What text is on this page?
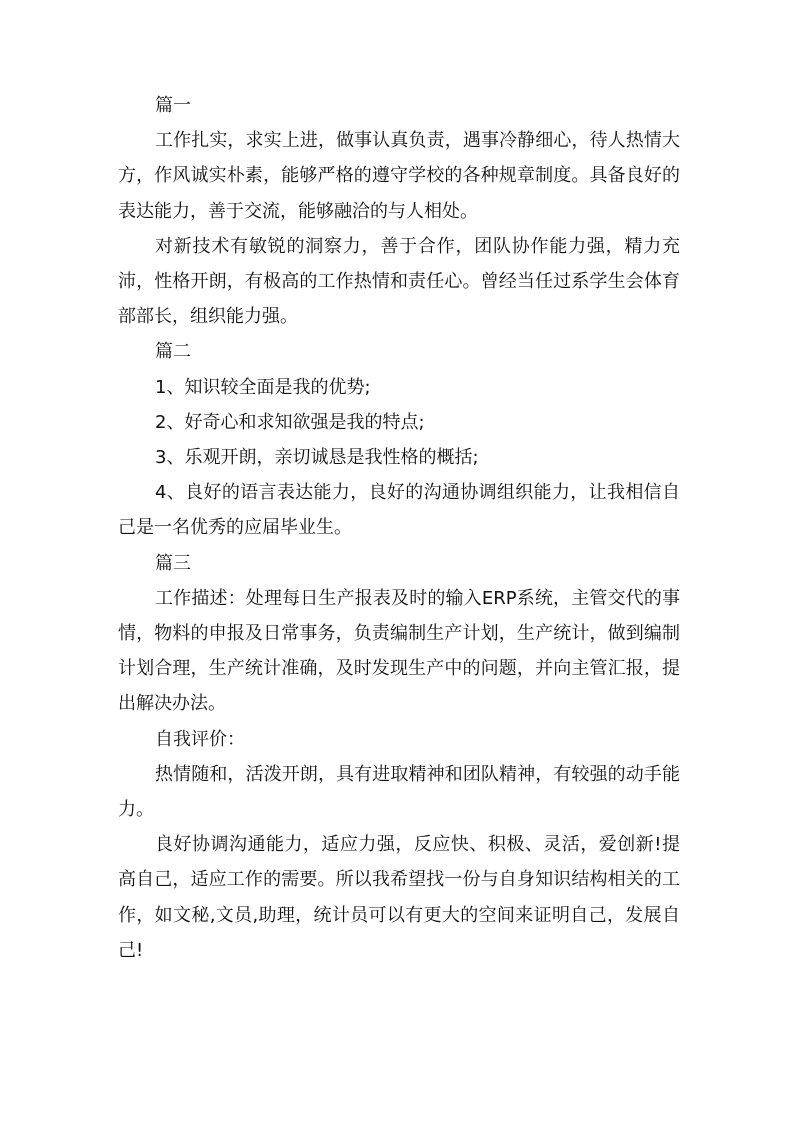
篇一

工作扎实，求实上进，做事认真负责，遇事冷静细心，待人热情大方，作风诚实朴素，能够严格的遵守学校的各种规章制度。具备良好的表达能力，善于交流，能够融洽的与人相处。

对新技术有敏锐的洞察力，善于合作，团队协作能力强，精力充沛，性格开朗，有极高的工作热情和责任心。曾经当任过系学生会体育部部长，组织能力强。

篇二

1、知识较全面是我的优势;

2、好奇心和求知欲强是我的特点;

3、乐观开朗，亲切诚恳是我性格的概括;

4、良好的语言表达能力，良好的沟通协调组织能力，让我相信自己是一名优秀的应届毕业生。

篇三

工作描述：处理每日生产报表及时的输入ERP系统，主管交代的事情，物料的申报及日常事务，负责编制生产计划，生产统计，做到编制计划合理，生产统计准确，及时发现生产中的问题，并向主管汇报，提出解决办法。

自我评价：

热情随和，活泼开朗，具有进取精神和团队精神，有较强的动手能力。

良好协调沟通能力，适应力强，反应快、积极、灵活，爱创新!提高自己，适应工作的需要。所以我希望找一份与自身知识结构相关的工作，如文秘,文员,助理，统计员可以有更大的空间来证明自己，发展自己!
